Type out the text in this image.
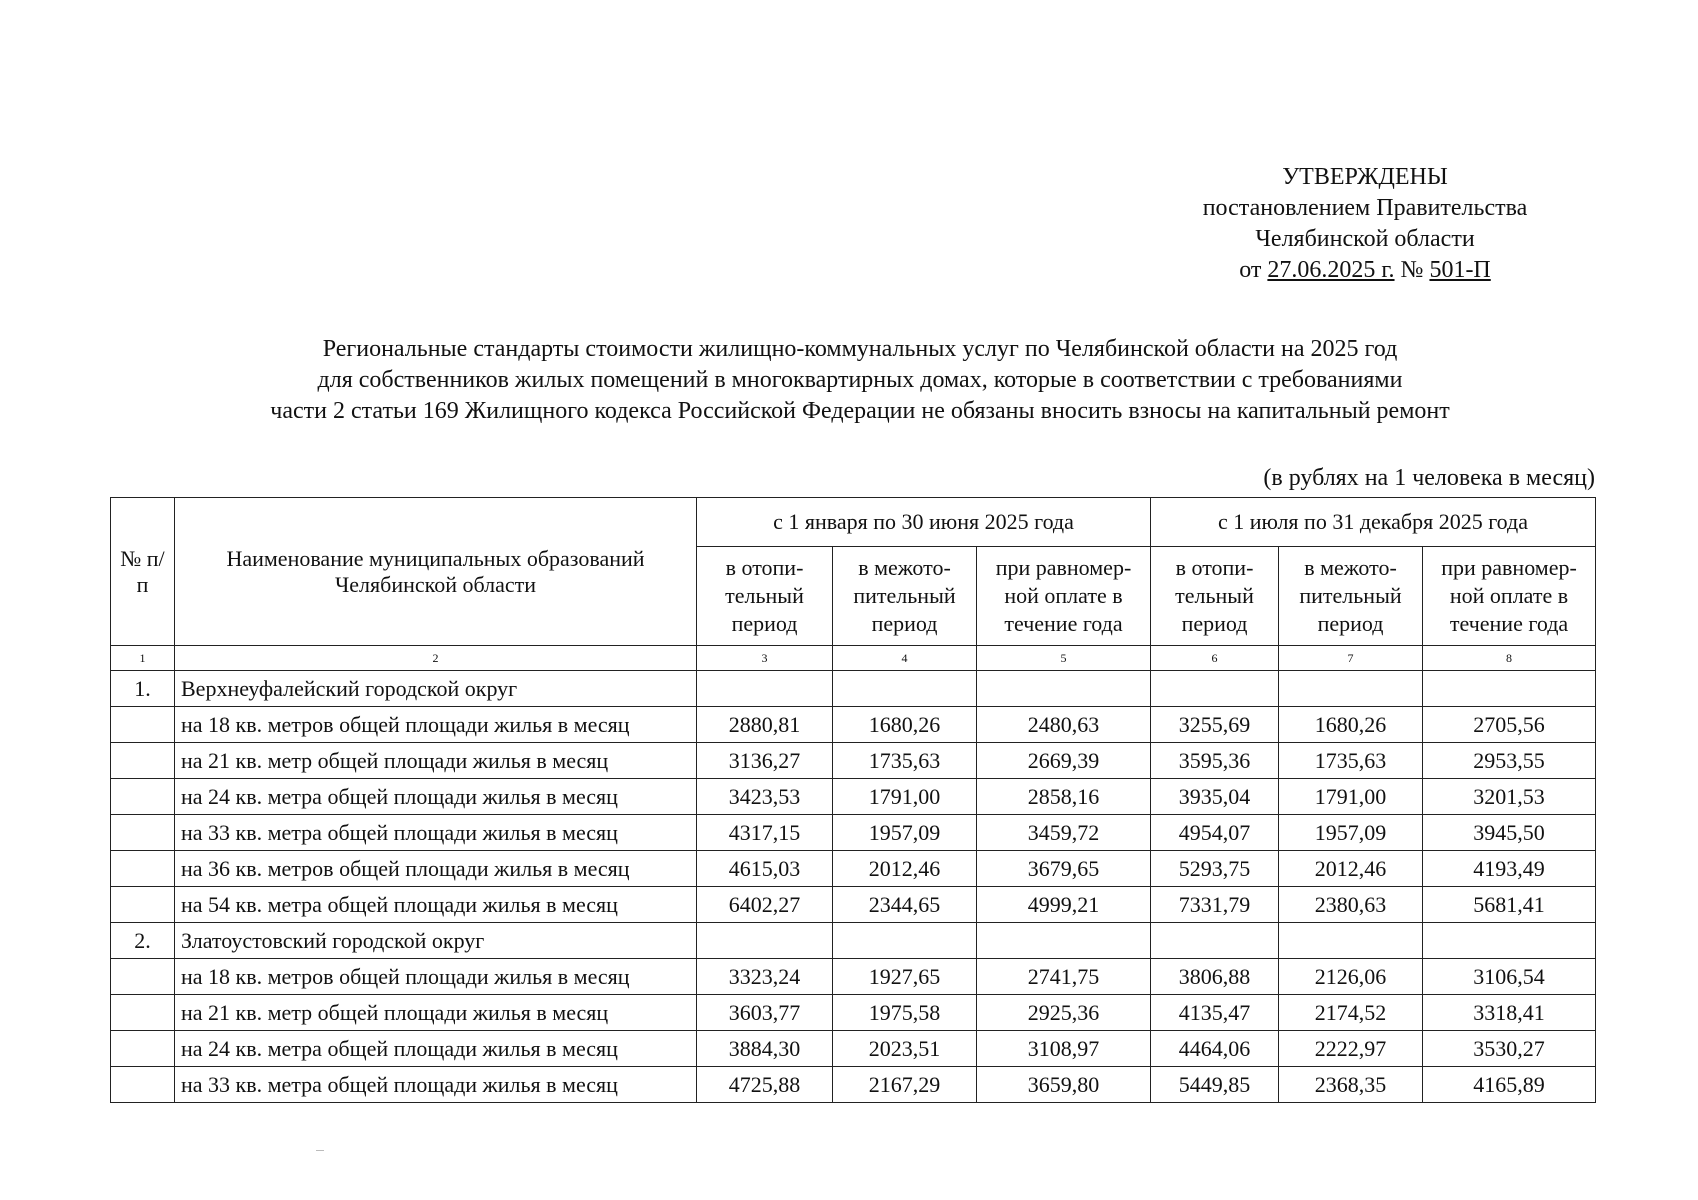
УТВЕРЖДЕНЫ
постановлением Правительства
Челябинской области
от 27.06.2025 г. № 501-П
Региональные стандарты стоимости жилищно-коммунальных услуг по Челябинской области на 2025 год
для собственников жилых помещений в многоквартирных домах, которые в соответствии с требованиями
части 2 статьи 169 Жилищного кодекса Российской Федерации не обязаны вносить взносы на капитальный ремонт
(в рублях на 1 человека в месяц)
№ п/п	Наименование муниципальных образований Челябинской области	с 1 января по 30 июня 2025 года			с 1 июля по 31 декабря 2025 года		
		в отопи-тельный период	в межото-пительный период	при равномер-ной оплате в течение года	в отопи-тельный период	в межото-пительный период	при равномер-ной оплате в течение года
1	2	3	4	5	6	7	8
1.	Верхнеуфалейский городской округ						
	на 18 кв. метров общей площади жилья в месяц	2880,81	1680,26	2480,63	3255,69	1680,26	2705,56
	на 21 кв. метр общей площади жилья в месяц	3136,27	1735,63	2669,39	3595,36	1735,63	2953,55
	на 24 кв. метра общей площади жилья в месяц	3423,53	1791,00	2858,16	3935,04	1791,00	3201,53
	на 33 кв. метра общей площади жилья в месяц	4317,15	1957,09	3459,72	4954,07	1957,09	3945,50
	на 36 кв. метров общей площади жилья в месяц	4615,03	2012,46	3679,65	5293,75	2012,46	4193,49
	на 54 кв. метра общей площади жилья в месяц	6402,27	2344,65	4999,21	7331,79	2380,63	5681,41
2.	Златоустовский городской округ						
	на 18 кв. метров общей площади жилья в месяц	3323,24	1927,65	2741,75	3806,88	2126,06	3106,54
	на 21 кв. метр общей площади жилья в месяц	3603,77	1975,58	2925,36	4135,47	2174,52	3318,41
	на 24 кв. метра общей площади жилья в месяц	3884,30	2023,51	3108,97	4464,06	2222,97	3530,27
	на 33 кв. метра общей площади жилья в месяц	4725,88	2167,29	3659,80	5449,85	2368,35	4165,89
